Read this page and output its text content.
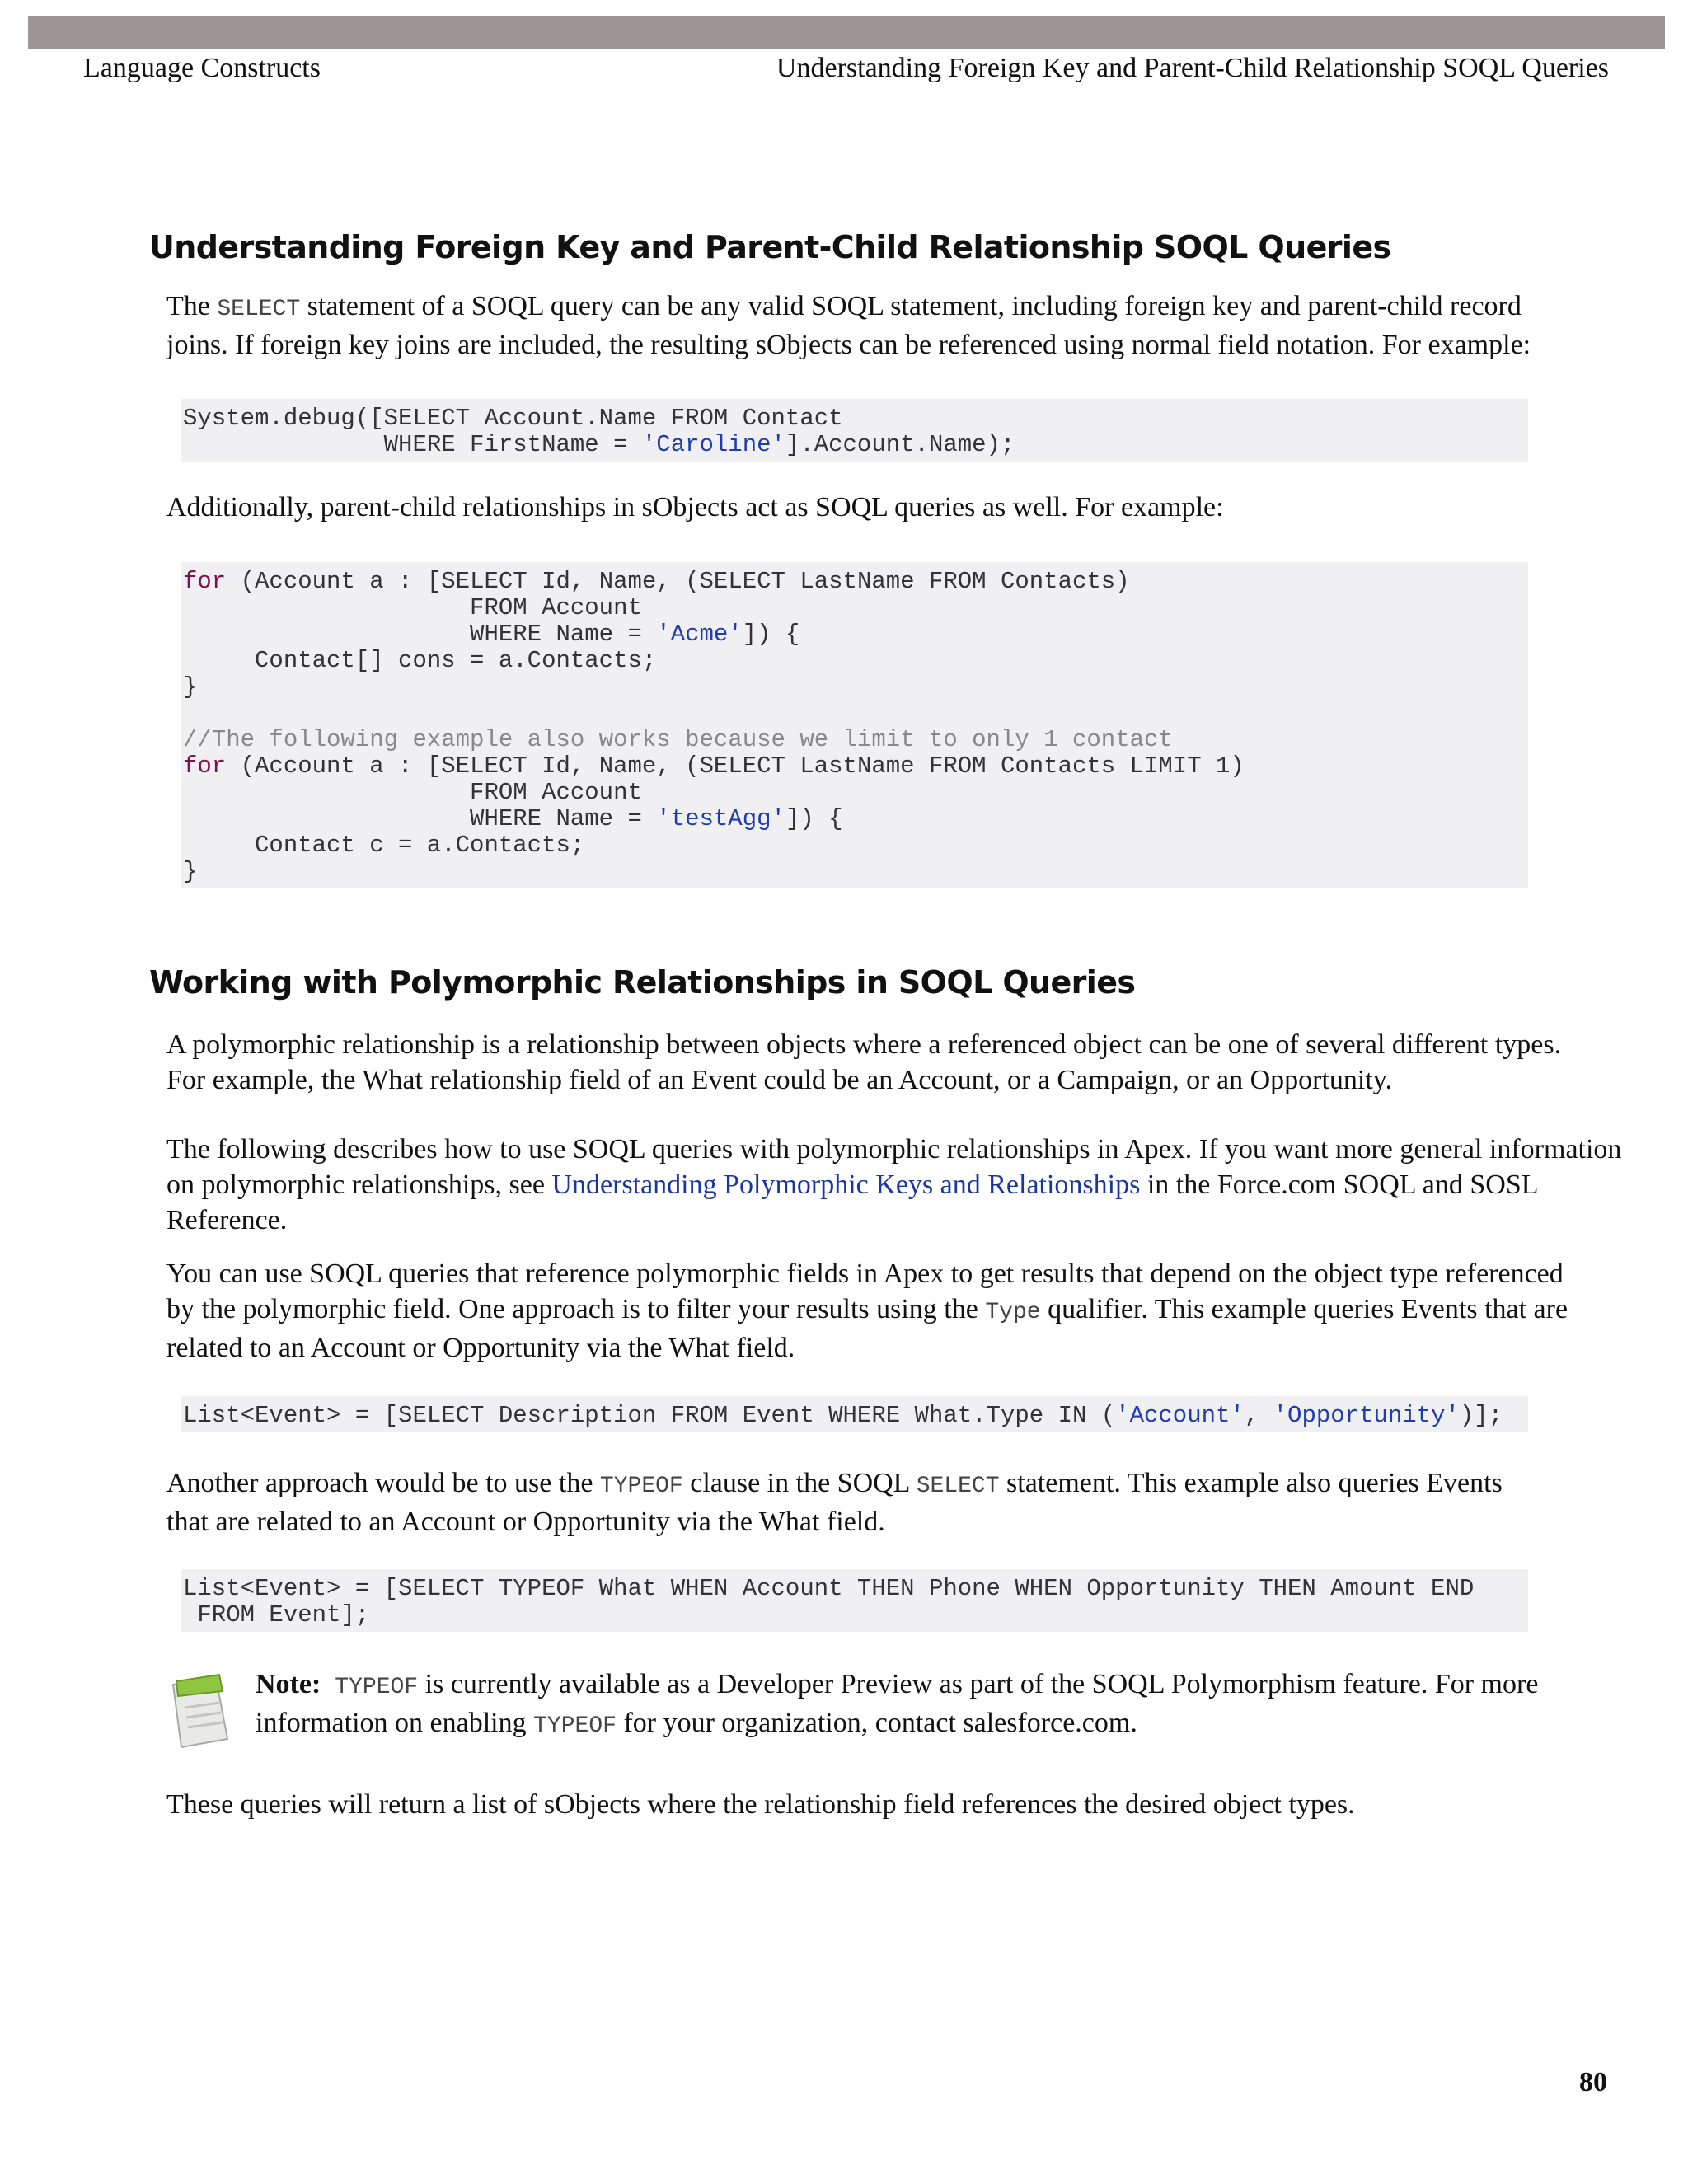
Language Constructs	Understanding Foreign Key and Parent-Child Relationship SOQL Queries
Understanding Foreign Key and Parent-Child Relationship SOQL Queries

The SELECT statement of a SOQL query can be any valid SOQL statement, including foreign key and parent-child record
joins. If foreign key joins are included, the resulting sObjects can be referenced using normal field notation. For example:

System.debug([SELECT Account.Name FROM Contact
WHERE FirstName = 'Caroline'].Account.Name);

Additionally, parent-child relationships in sObjects act as SOQL queries as well. For example:

for (Account a : [SELECT Id, Name, (SELECT LastName FROM Contacts)
FROM Account
WHERE Name = 'Acme']) {
Contact[] cons = a.Contacts;
}
//The following example also works because we limit to only 1 contact
for (Account a : [SELECT Id, Name, (SELECT LastName FROM Contacts LIMIT 1)
FROM Account
WHERE Name = 'testAgg']) {
Contact c = a.Contacts;
}
Working with Polymorphic Relationships in SOQL Queries

A polymorphic relationship is a relationship between objects where a referenced object can be one of several different types.
For example, the What relationship field of an Event could be an Account, or a Campaign, or an Opportunity.

The following describes how to use SOQL queries with polymorphic relationships in Apex. If you want more general information
on polymorphic relationships, see Understanding Polymorphic Keys and Relationships in the Force.com SOQL and SOSL
Reference.

You can use SOQL queries that reference polymorphic fields in Apex to get results that depend on the object type referenced
by the polymorphic field. One approach is to filter your results using the Type qualifier. This example queries Events that are
related to an Account or Opportunity via the What field.

List<Event> = [SELECT Description FROM Event WHERE What.Type IN ('Account', 'Opportunity')];

Another approach would be to use the TYPEOF clause in the SOQL SELECT statement. This example also queries Events
that are related to an Account or Opportunity via the What field.

List<Event> = [SELECT TYPEOF What WHEN Account THEN Phone WHEN Opportunity THEN Amount END
FROM Event];

Note: TYPEOF is currently available as a Developer Preview as part of the SOQL Polymorphism feature. For more
information on enabling TYPEOF for your organization, contact salesforce.com.

These queries will return a list of sObjects where the relationship field references the desired object types.

80
